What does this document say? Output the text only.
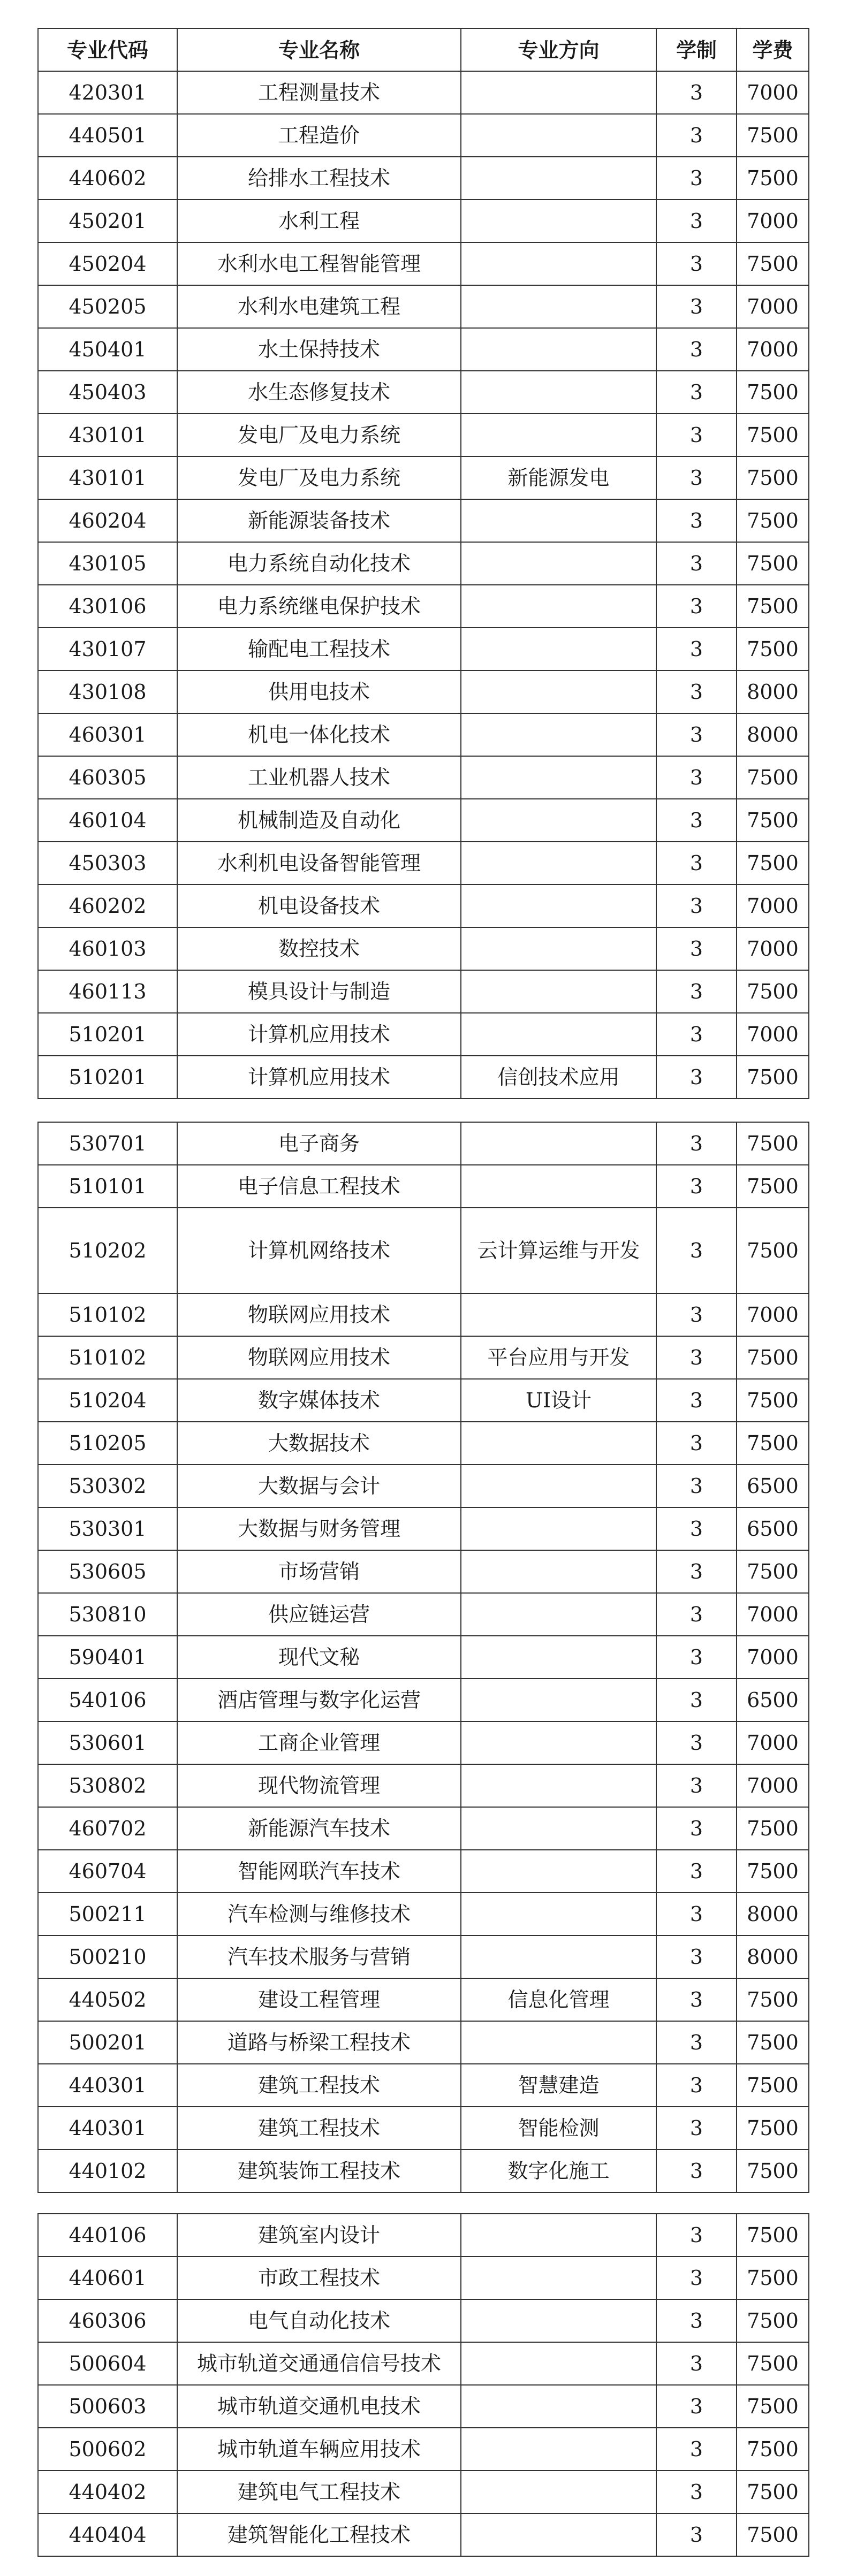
专业代码	专业名称	专业方向	学制	学费
420301	工程测量技术		3	7000
440501	工程造价		3	7500
440602	给排水工程技术		3	7500
450201	水利工程		3	7000
450204	水利水电工程智能管理		3	7500
450205	水利水电建筑工程		3	7000
450401	水土保持技术		3	7000
450403	水生态修复技术		3	7500
430101	发电厂及电力系统		3	7500
430101	发电厂及电力系统	新能源发电	3	7500
460204	新能源装备技术		3	7500
430105	电力系统自动化技术		3	7500
430106	电力系统继电保护技术		3	7500
430107	输配电工程技术		3	7500
430108	供用电技术		3	8000
460301	机电一体化技术		3	8000
460305	工业机器人技术		3	7500
460104	机械制造及自动化		3	7500
450303	水利机电设备智能管理		3	7500
460202	机电设备技术		3	7000
460103	数控技术		3	7000
460113	模具设计与制造		3	7500
510201	计算机应用技术		3	7000
510201	计算机应用技术	信创技术应用	3	7500
530701	电子商务		3	7500
510101	电子信息工程技术		3	7500
510202	计算机网络技术	云计算运维与开发	3	7500
510102	物联网应用技术		3	7000
510102	物联网应用技术	平台应用与开发	3	7500
510204	数字媒体技术	UI设计	3	7500
510205	大数据技术		3	7500
530302	大数据与会计		3	6500
530301	大数据与财务管理		3	6500
530605	市场营销		3	7500
530810	供应链运营		3	7000
590401	现代文秘		3	7000
540106	酒店管理与数字化运营		3	6500
530601	工商企业管理		3	7000
530802	现代物流管理		3	7000
460702	新能源汽车技术		3	7500
460704	智能网联汽车技术		3	7500
500211	汽车检测与维修技术		3	8000
500210	汽车技术服务与营销		3	8000
440502	建设工程管理	信息化管理	3	7500
500201	道路与桥梁工程技术		3	7500
440301	建筑工程技术	智慧建造	3	7500
440301	建筑工程技术	智能检测	3	7500
440102	建筑装饰工程技术	数字化施工	3	7500
440106	建筑室内设计		3	7500
440601	市政工程技术		3	7500
460306	电气自动化技术		3	7500
500604	城市轨道交通通信信号技术		3	7500
500603	城市轨道交通机电技术		3	7500
500602	城市轨道车辆应用技术		3	7500
440402	建筑电气工程技术		3	7500
440404	建筑智能化工程技术		3	7500
